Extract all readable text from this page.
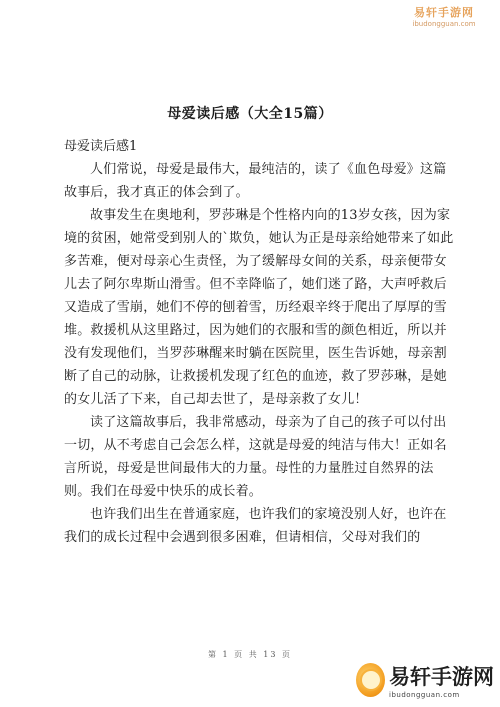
易轩手游网
ibudongguan.com
母爱读后感（大全15篇）

母爱读后感1

人们常说，母爱是最伟大，最纯洁的，读了《血色母爱》这篇故事后，我才真正的体会到了。

故事发生在奥地利，罗莎琳是个性格内向的13岁女孩，因为家境的贫困，她常受到别人的`欺负，她认为正是母亲给她带来了如此多苦难，便对母亲心生责怪，为了缓解母女间的关系，母亲便带女儿去了阿尔卑斯山滑雪。但不幸降临了，她们迷了路，大声呼救后又造成了雪崩，她们不停的刨着雪，历经艰辛终于爬出了厚厚的雪堆。救援机从这里路过，因为她们的衣服和雪的颜色相近，所以并没有发现他们，当罗莎琳醒来时躺在医院里，医生告诉她，母亲割断了自己的动脉，让救援机发现了红色的血迹，救了罗莎琳，是她的女儿活了下来，自己却去世了，是母亲救了女儿！

读了这篇故事后，我非常感动，母亲为了自己的孩子可以付出一切，从不考虑自己会怎么样，这就是母爱的纯洁与伟大！正如名言所说，母爱是世间最伟大的力量。母性的力量胜过自然界的法则。我们在母爱中快乐的成长着。

也许我们出生在普通家庭，也许我们的家境没别人好，也许在我们的成长过程中会遇到很多困难，但请相信，父母对我们的

第 1 页 共 13 页
易轩手游网
ibudongguan.com
